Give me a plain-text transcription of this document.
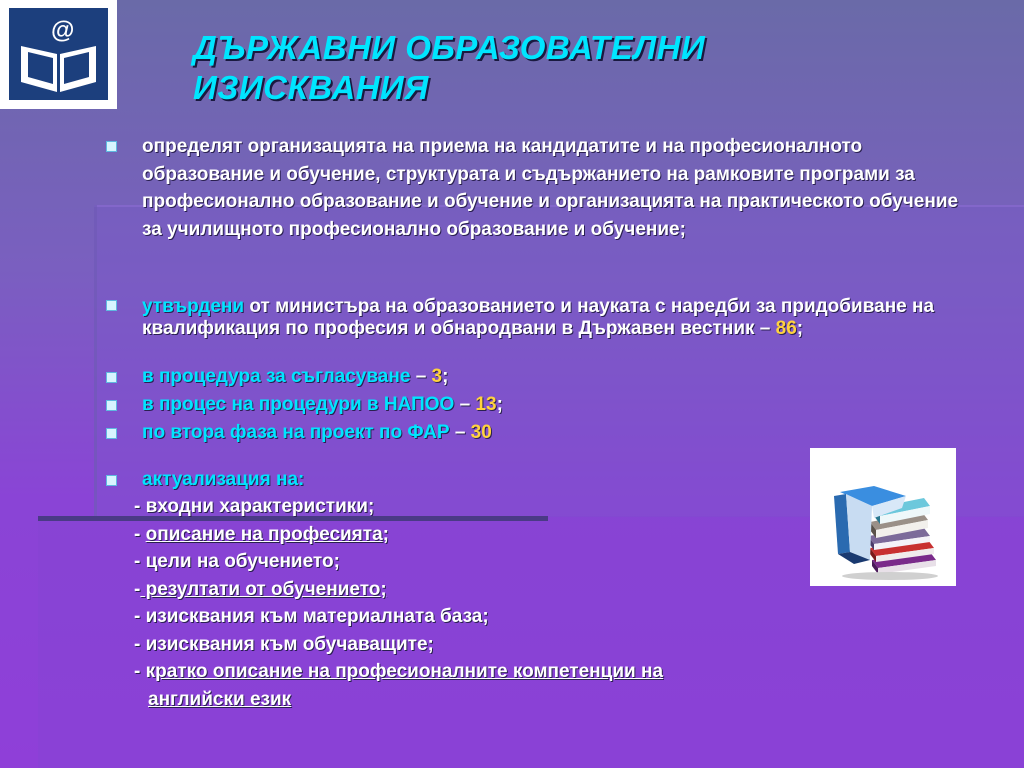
@	ДЪРЖАВНИ ОБРАЗОВАТЕЛНИ
ИЗИСКВАНИЯ
определят организацията на приема на кандидатите и на професионалното образование и обучение, структурата и съдържанието на рамковите програми за професионално образование и обучение и организацията на практическото обучение за училищното професионално образование и обучение;
утвърдени от министъра на образованието и науката с наредби за придобиване на квалификация по професия и обнародвани в Държавен вестник – 86;
в процедура за съгласуване – 3;
в процес на процедури в НАПОО – 13;
по втора фаза на проект по ФАР – 30
актуализация на:
- входни характеристики;
- описание на професията;
- цели на обучението;
- резултати от обучението;
- изисквания към материалната база;
- изисквания към обучаващите;
- кратко описание на професионалните компетенции на
английски език
